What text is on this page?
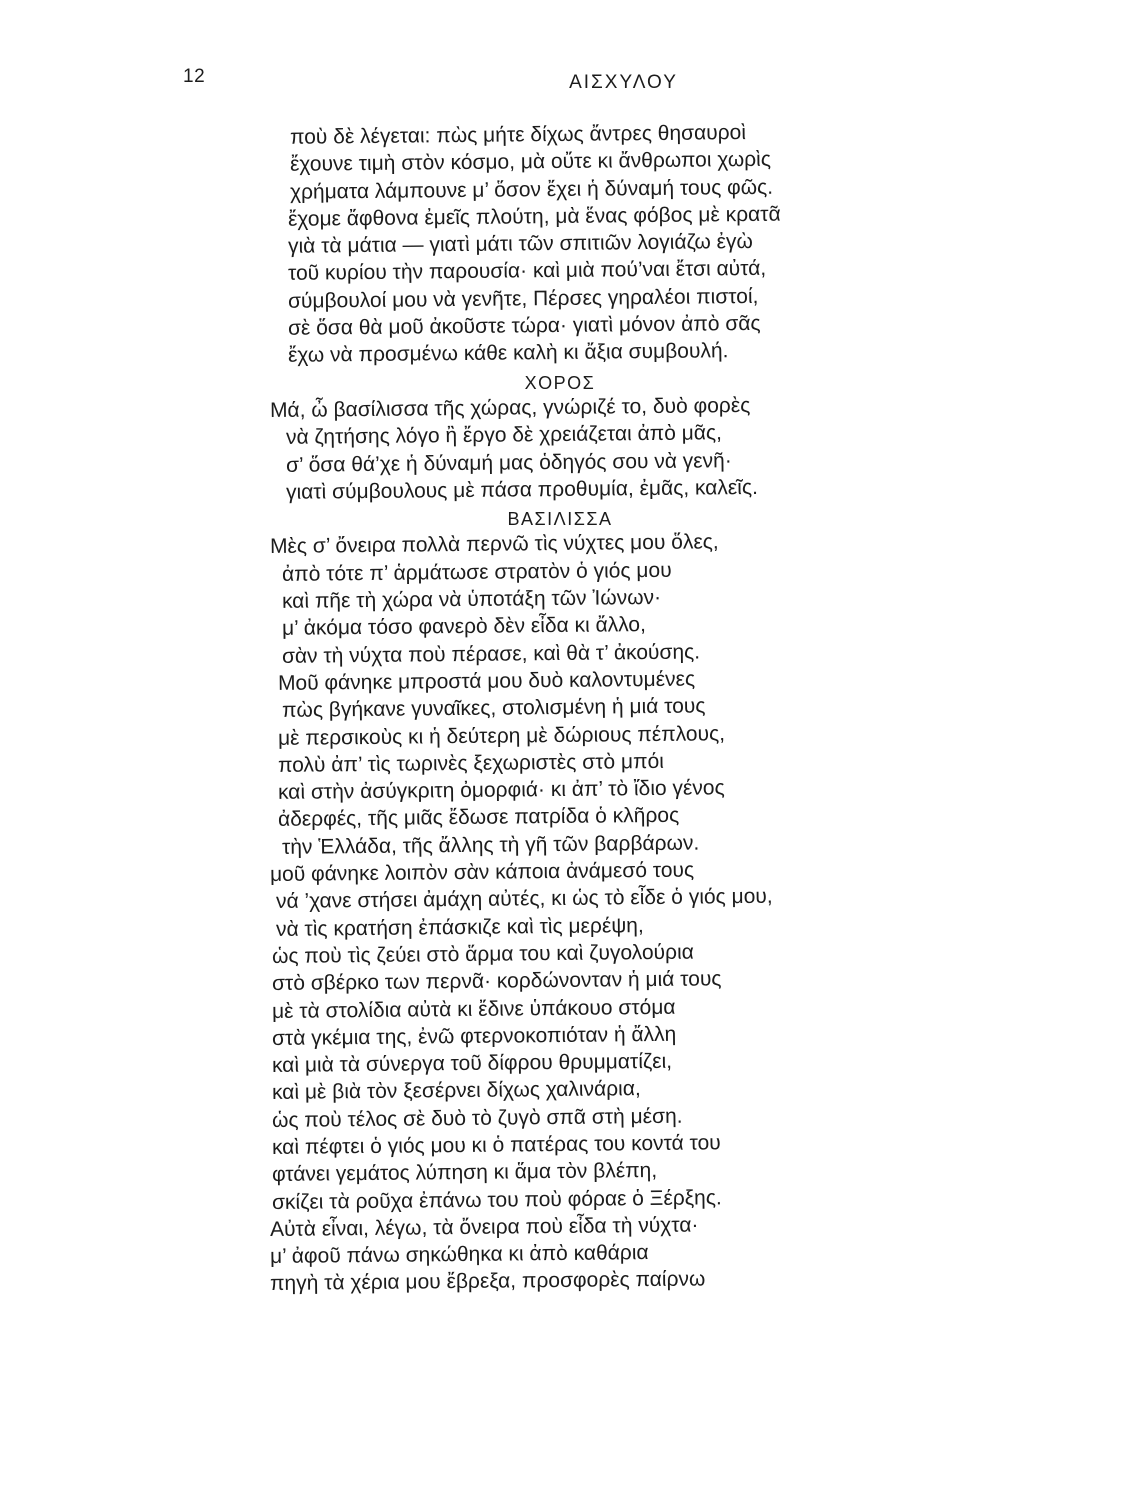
12	ΑΙΣΧΥΛΟΥ
ποὺ δὲ λέγεται: πὼς μήτε δίχως ἄντρες θησαυροὶ
ἔχουνε τιμὴ στὸν κόσμο, μὰ οὔτε κι ἄνθρωποι χωρὶς
χρήματα λάμπουνε μ’ ὅσον ἔχει ἡ δύναμή τους φῶς.
ἔχομε ἄφθονα ἐμεῖς πλούτη, μὰ ἕνας φόβος μὲ κρατᾶ
γιὰ τὰ μάτια — γιατὶ μάτι τῶν σπιτιῶν λογιάζω ἐγὼ
τοῦ κυρίου τὴν παρουσία· καὶ μιὰ πού’ναι ἔτσι αὐτά,
σύμβουλοί μου νὰ γενῆτε, Πέρσες γηραλέοι πιστοί,
σὲ ὅσα θὰ μοῦ ἀκοῦστε τώρα· γιατὶ μόνον ἀπὸ σᾶς
ἔχω νὰ προσμένω κάθε καλὴ κι ἄξια συμβουλή.
ΧΟΡΟΣ
Μά, ὦ βασίλισσα τῆς χώρας, γνώριζέ το, δυὸ φορὲς
νὰ ζητήσης λόγο ἢ ἔργο δὲ χρειάζεται ἀπὸ μᾶς,
σ’ ὅσα θά’χε ἡ δύναμή μας ὁδηγός σου νὰ γενῆ·
γιατὶ σύμβουλους μὲ πάσα προθυμία, ἐμᾶς, καλεῖς.
ΒΑΣΙΛΙΣΣΑ
Μὲς σ’ ὄνειρα πολλὰ περνῶ τὶς νύχτες μου ὅλες,
ἀπὸ τότε π’ ἁρμάτωσε στρατὸν ὁ γιός μου
καὶ πῆε τὴ χώρα νὰ ὑποτάξη τῶν Ἰώνων·
μ’ ἀκόμα τόσο φανερὸ δὲν εἶδα κι ἄλλο,
σὰν τὴ νύχτα ποὺ πέρασε, καὶ θὰ τ’ ἀκούσης.
Μοῦ φάνηκε μπροστά μου δυὸ καλοντυμένες
πὼς βγήκανε γυναῖκες, στολισμένη ἡ μιά τους
μὲ περσικοὺς κι ἡ δεύτερη μὲ δώριους πέπλους,
πολὺ ἀπ’ τὶς τωρινὲς ξεχωριστὲς στὸ μπόι
καὶ στὴν ἀσύγκριτη ὀμορφιά· κι ἀπ’ τὸ ἴδιο γένος
ἀδερφές, τῆς μιᾶς ἔδωσε πατρίδα ὁ κλῆρος
τὴν Ἑλλάδα, τῆς ἄλλης τὴ γῆ τῶν βαρβάρων.
μοῦ φάνηκε λοιπὸν σὰν κάποια ἀνάμεσό τους
νά ’χανε στήσει ἀμάχη αὐτές, κι ὡς τὸ εἶδε ὁ γιός μου,
νὰ τὶς κρατήση ἐπάσκιζε καὶ τὶς μερέψη,
ὡς ποὺ τὶς ζεύει στὸ ἅρμα του καὶ ζυγολούρια
στὸ σβέρκο των περνᾶ· κορδώνονταν ἡ μιά τους
μὲ τὰ στολίδια αὐτὰ κι ἔδινε ὑπάκουο στόμα
στὰ γκέμια της, ἐνῶ φτερνοκοπιόταν ἡ ἄλλη
καὶ μιὰ τὰ σύνεργα τοῦ δίφρου θρυμματίζει,
καὶ μὲ βιὰ τὸν ξεσέρνει δίχως χαλινάρια,
ὡς ποὺ τέλος σὲ δυὸ τὸ ζυγὸ σπᾶ στὴ μέση.
καὶ πέφτει ὁ γιός μου κι ὁ πατέρας του κοντά του
φτάνει γεμάτος λύπηση κι ἅμα τὸν βλέπη,
σκίζει τὰ ροῦχα ἐπάνω του ποὺ φόραε ὁ Ξέρξης.
Αὐτὰ εἶναι, λέγω, τὰ ὄνειρα ποὺ εἶδα τὴ νύχτα·
μ’ ἀφοῦ πάνω σηκώθηκα κι ἀπὸ καθάρια
πηγὴ τὰ χέρια μου ἔβρεξα, προσφορὲς παίρνω
